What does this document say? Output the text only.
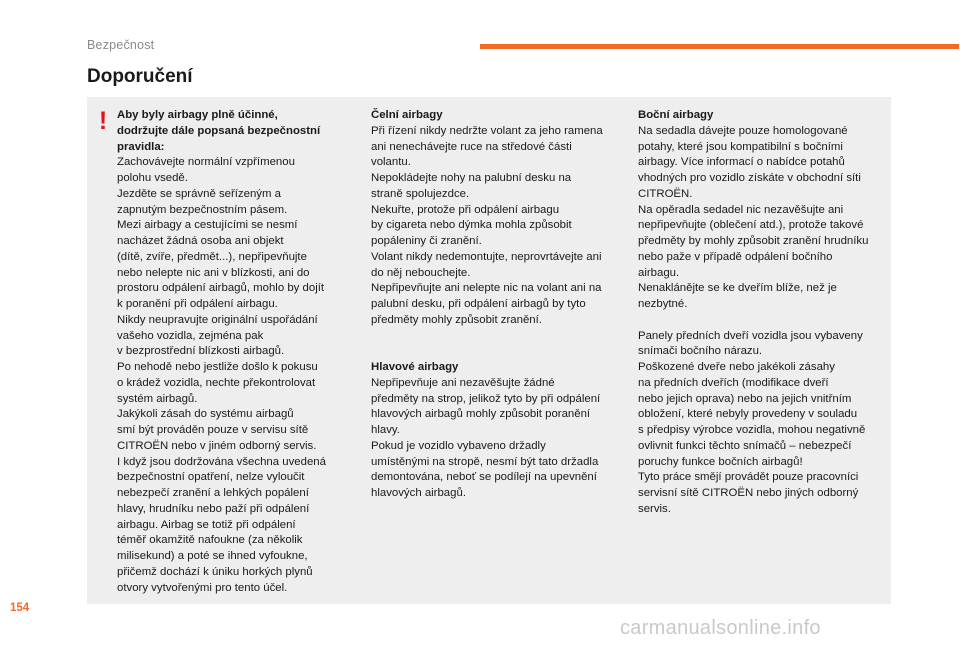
Bezpečnost
Doporučení
! Aby byly airbagy plně účinné,
dodržujte dále popsaná bezpečnostní
pravidla:
Zachovávejte normální vzpřímenou
polohu vsedě.
Jezděte se správně seřízeným a
zapnutým bezpečnostním pásem.
Mezi airbagy a cestujícími se nesmí
nacházet žádná osoba ani objekt
(dítě, zvíře, předmět...), nepřipevňujte
nebo nelepte nic ani v blízkosti, ani do
prostoru odpálení airbagů, mohlo by dojít
k poranění při odpálení airbagu.
Nikdy neupravujte originální uspořádání
vašeho vozidla, zejména pak
v bezprostřední blízkosti airbagů.
Po nehodě nebo jestliže došlo k pokusu
o krádež vozidla, nechte překontrolovat
systém airbagů.
Jakýkoli zásah do systému airbagů
smí být prováděn pouze v servisu sítě
CITROËN nebo v jiném odborný servis.
I když jsou dodržována všechna uvedená
bezpečnostní opatření, nelze vyloučit
nebezpečí zranění a lehkých popálení
hlavy, hrudníku nebo paží při odpálení
airbagu. Airbag se totiž při odpálení
téměř okamžitě nafoukne (za několik
milisekund) a poté se ihned vyfoukne,
přičemž dochází k úniku horkých plynů
otvory vytvořenými pro tento účel.
Čelní airbagy
Při řízení nikdy nedržte volant za jeho ramena
ani nenechávejte ruce na středové části
volantu.
Nepokládejte nohy na palubní desku na
straně spolujezdce.
Nekuřte, protože při odpálení airbagu
by cigareta nebo dýmka mohla způsobit
popáleniny či zranění.
Volant nikdy nedemontujte, neprovrtávejte ani
do něj nebouchejte.
Nepřipevňujte ani nelepte nic na volant ani na
palubní desku, při odpálení airbagů by tyto
předměty mohly způsobit zranění.
Hlavové airbagy
Nepřipevňuje ani nezavěšujte žádné
předměty na strop, jelikož tyto by při odpálení
hlavových airbagů mohly způsobit poranění
hlavy.
Pokud je vozidlo vybaveno držadly
umístěnými na stropě, nesmí být tato držadla
demontována, neboť se podílejí na upevnění
hlavových airbagů.
Boční airbagy
Na sedadla dávejte pouze homologované
potahy, které jsou kompatibilní s bočními
airbagy. Více informací o nabídce potahů
vhodných pro vozidlo získáte v obchodní síti
CITROËN.
Na opěradla sedadel nic nezavěšujte ani
nepřipevňujte (oblečení atd.), protože takové
předměty by mohly způsobit zranění hrudníku
nebo paže v případě odpálení bočního
airbagu.
Nenaklánějte se ke dveřím blíže, než je
nezbytné.
Panely předních dveří vozidla jsou vybaveny
snímači bočního nárazu.
Poškozené dveře nebo jakékoli zásahy
na předních dveřích (modifikace dveří
nebo jejich oprava) nebo na jejich vnitřním
obložení, které nebyly provedeny v souladu
s předpisy výrobce vozidla, mohou negativně
ovlivnit funkci těchto snímačů – nebezpečí
poruchy funkce bočních airbagů!
Tyto práce smějí provádět pouze pracovníci
servisní sítě CITROËN nebo jiných odborný
servis.
154
carmanualsonline.info
